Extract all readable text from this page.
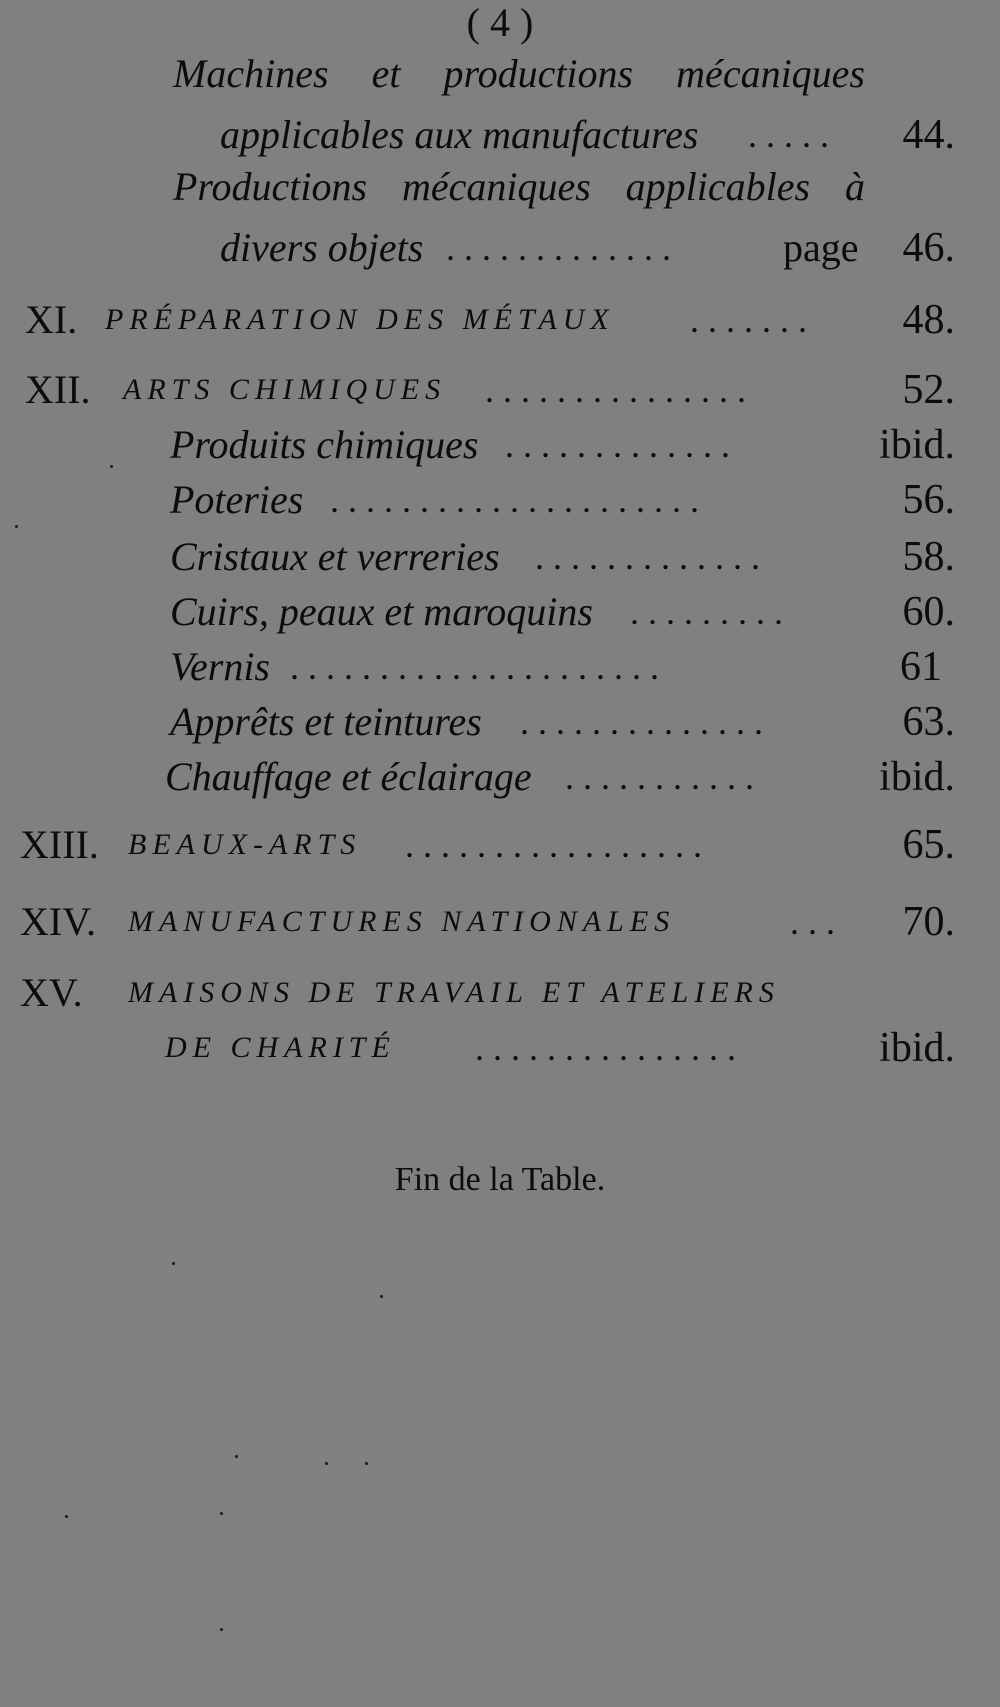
( 4 )
Machines et productions mécaniques
applicables aux manufactures .....	44.
Productions mécaniques applicables à
divers objets .............	page	46.
XI. PRÉPARATION DES MÉTAUX .......	48.
XII. ARTS CHIMIQUES ...............	52.
Produits chimiques .............	ibid.
Poteries .....................	56.
Cristaux et verreries .............	58.
Cuirs, peaux et maroquins .........	60.
Vernis .....................	61
Apprêts et teintures ..............	63.
Chauffage et éclairage ...........	ibid.
XIII. BEAUX-ARTS .................	65.
XIV. MANUFACTURES NATIONALES	...	70.
XV. MAISONS DE TRAVAIL ET ATELIERS
DE CHARITÉ ...............	ibid.
Fin de la Table.
